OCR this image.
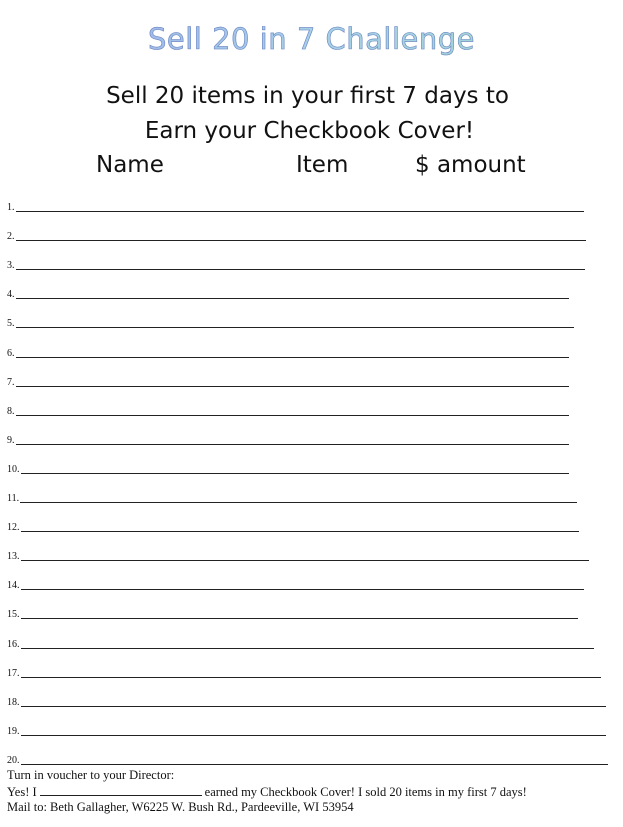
Sell 20 in 7 Challenge
Sell 20 items in your first 7 days to
Earn your Checkbook Cover!
Name	Item	$ amount
1.
2.
3.
4.
5.
6.
7.
8.
9.
10.
11.
12.
13.
14.
15.
16.
17.
18.
19.
20.
Turn in voucher to your Director:
Yes! I	earned my Checkbook Cover! I sold 20 items in my first 7 days!
Mail to: Beth Gallagher, W6225 W. Bush Rd., Pardeeville, WI 53954
